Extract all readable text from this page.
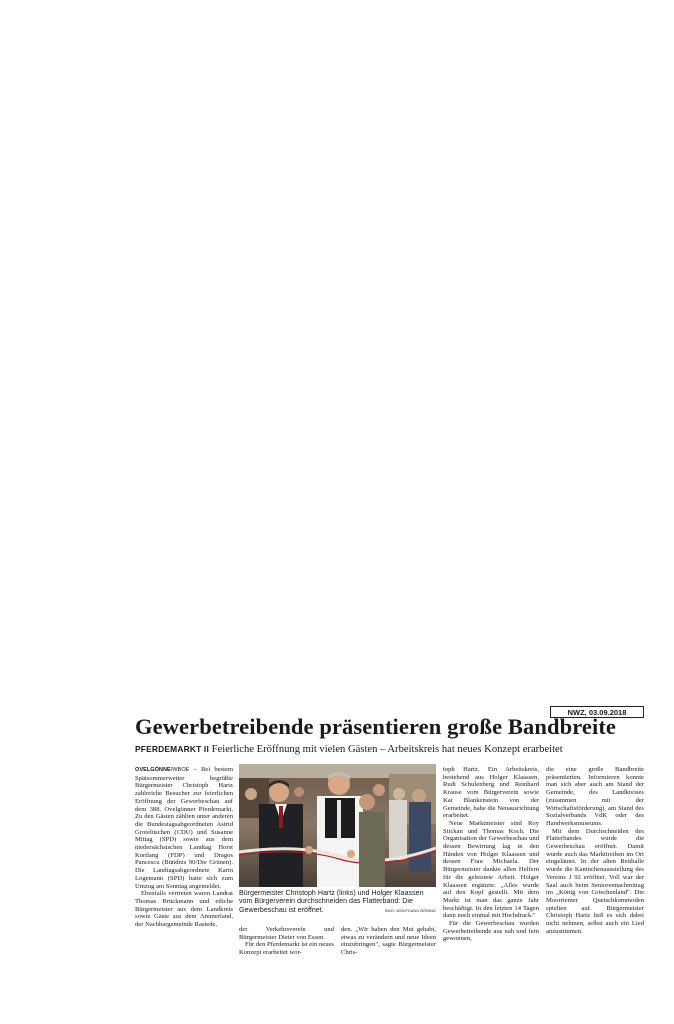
NWZ, 03.09.2018
Gewerbetreibende präsentieren große Bandbreite
PFERDEMARKT II Feierliche Eröffnung mit vielen Gästen – Arbeitskreis hat neues Konzept erarbeitet

OVELGÖNNE/WBOE – Bei bestem Spätsommerwetter begrüßte Bürgermeister Christoph Hartz zahlreiche Besucher zur feierlichen Eröffnung der Gewerbeschau auf dem 388. Ovelgönner Pferdemarkt. Zu den Gästen zählten unter anderen die Bundestagsabgeordneten Astrid Grotelüschen (CDU) und Susanne Mittag (SPD) sowie aus dem niedersächsischen Landtag Horst Kortlang (FDP) und Dragos Pancescu (Bündnis 90/Die Grünen). Die Landtagsabgeordnete Karin Logemann (SPD) hatte sich zum Umzug am Sonntag angemeldet.

Ebenfalls vertreten waren Landrat Thomas Brückmann und etliche Bürgermeister aus dem Landkreis sowie Gäste aus dem Ammerland, der Nachbargemeinde Rastede,

Bürgermeister Christoph Hartz (links) und Holger Klaassen vom Bürgerverein durchschneiden das Flatterband: Die Gewerbeschau ist eröffnet.	BILD: WOLFGANG BÖNING

der Verkehrsverein und Bürgermeister Dieter von Essen.

Für den Pferdemarkt ist ein neues Konzept erarbeitet wor-

den. „Wir haben den Mut gehabt, etwas zu verändern und neue Ideen einzubringen", sagte Bürgermeister Chris-

toph Hartz. Ein Arbeitskreis, bestehend aus Holger Klaassen, Rudi Schulenberg und Reinhard Krause vom Bürgerverein sowie Kai Blankenstein von der Gemeinde, habe die Neuausrichtung erarbeitet.

Neue Marktmeister sind Roy Stickan und Thomas Koch. Die Organisation der Gewerbeschau und dessen Bewirtung lag in den Händen von Holger Klaassen und dessen Frau Michaela. Der Bürgermeister dankte allen Helfern für die geleistete Arbeit. Holger Klaassen ergänzte: „Alles wurde auf den Kopf gestellt. Mit dem Markt ist man das ganze Jahr beschäftigt. In den letzten 14 Tagen dann noch einmal mit Hochdruck."

Für die Gewerbeschau wurden Gewerbetreibende aus nah und fern gewonnen,

die eine große Bandbreite präsentierten. Informieren konnte man sich aber auch am Stand der Gemeinde, des Landkreises (zusammen mit der Wirtschaftsförderung), am Stand des Sozialverbands VdK oder des Handwerksmuseums.

Mit dem Durchschneiden des Flatterbandes wurde die Gewerbeschau eröffnet. Damit wurde auch das Markttreiben im Ort eingeläutet. In der alten Reithalle wurde die Kaninchenausstellung des Vereins J 92 eröffnet. Voll war der Saal auch beim Seniorennachmittag im „König von Griechenland". Die Moorriemer Quetschkommoden spielten auf. Bürgermeister Christoph Hartz ließ es sich dabei nicht nehmen, selbst auch ein Lied anzustimmen.
